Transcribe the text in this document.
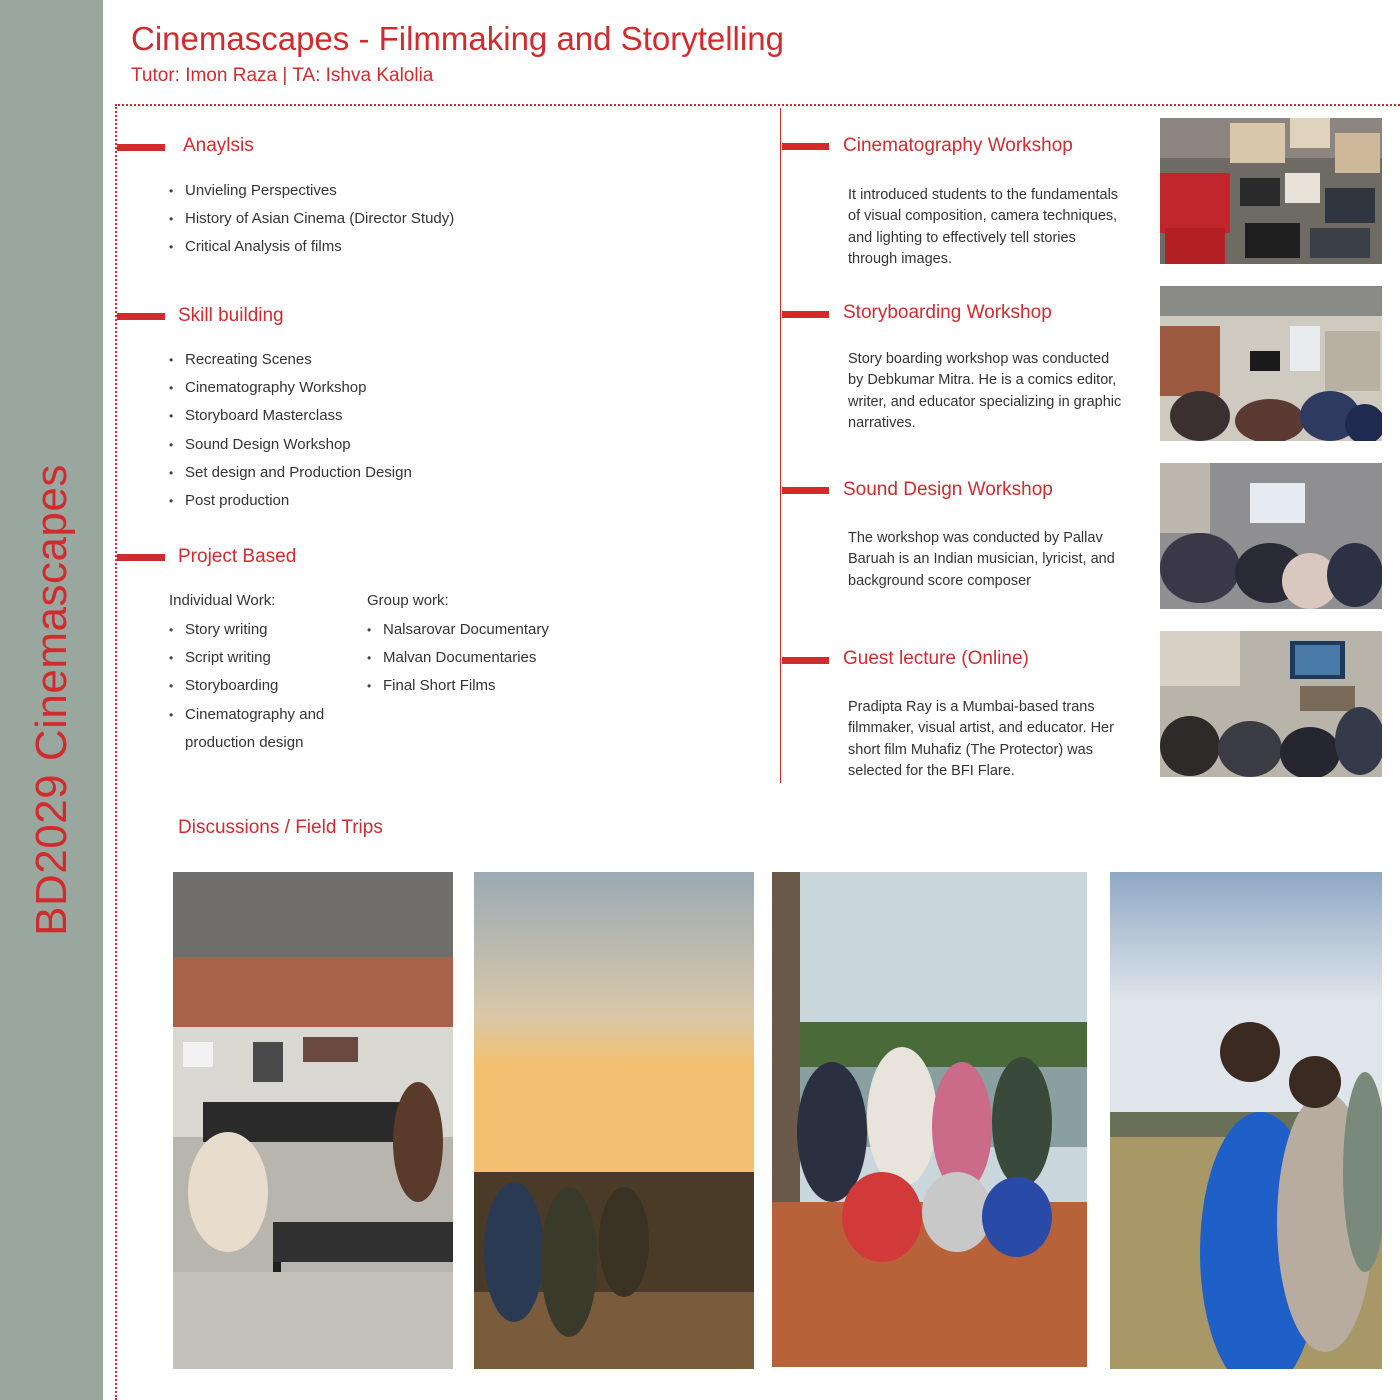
BD2029 Cinemascapes
Cinemascapes - Filmmaking and Storytelling
Tutor: Imon Raza | TA: Ishva Kalolia
Anaylsis
• Unvieling Perspectives
• History of Asian Cinema (Director Study)
• Critical Analysis of films
Skill building
• Recreating Scenes
• Cinematography Workshop
• Storyboard Masterclass
• Sound Design Workshop
• Set design and Production Design
• Post production
Project Based
Individual Work:
• Story writing
• Script writing
• Storyboarding
• Cinematography and production design
Group work:
• Nalsarovar Documentary
• Malvan Documentaries
• Final Short Films
Cinematography Workshop
It introduced students to the fundamentals of visual composition, camera techniques, and lighting to effectively tell stories through images.
Storyboarding Workshop
Story boarding workshop was conducted by Debkumar Mitra. He is a comics editor, writer, and educator specializing in graphic narratives.
Sound Design Workshop
The workshop was conducted by Pallav Baruah is an Indian musician, lyricist, and background score composer
Guest lecture (Online)
Pradipta Ray is a Mumbai-based trans filmmaker, visual artist, and educator. Her short film Muhafiz (The Protector) was selected for the BFI Flare.
Discussions / Field Trips
